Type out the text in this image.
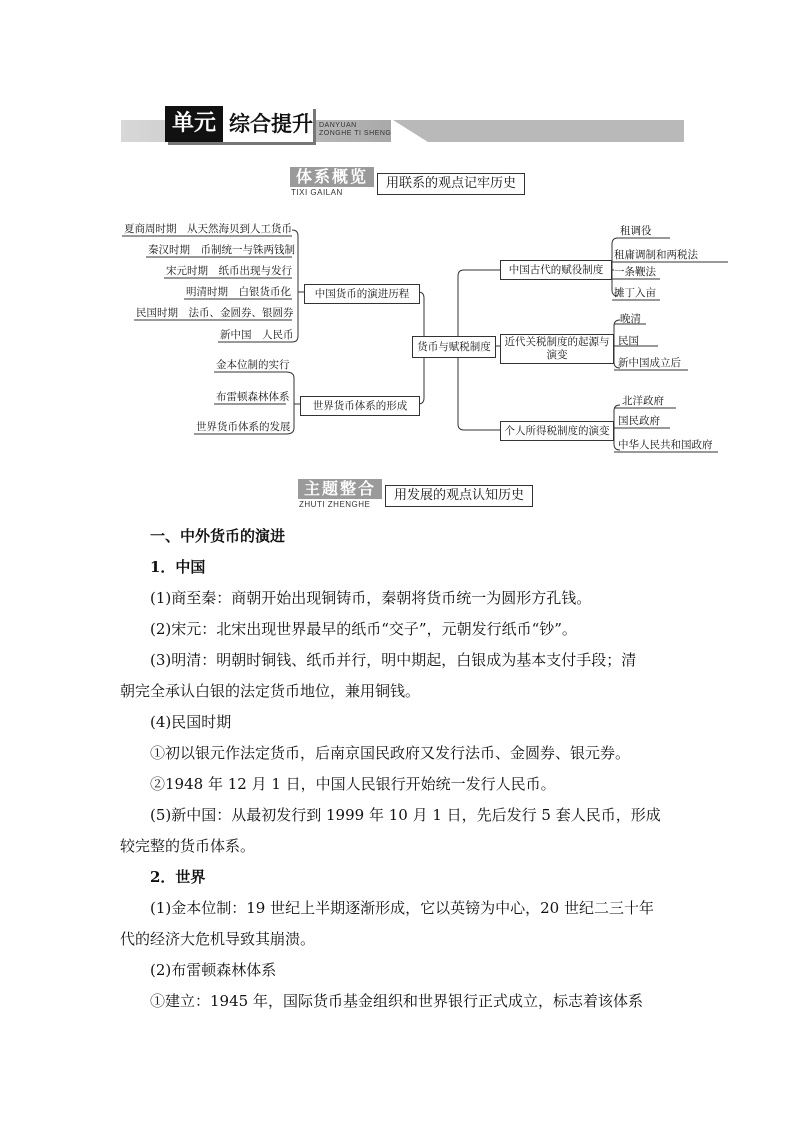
单元 综合提升 DANYUAN
ZONGHE TI SHENG
体系概览
TIXI GAILAN
用联系的观点记牢历史
夏商周时期　从天然海贝到人工货币
秦汉时期　币制统一与铢两钱制
宋元时期　纸币出现与发行
明清时期　白银货币化
民国时期　法币、金圆券、银圆券
新中国　人民币
中国货币的演进历程
金本位制的实行
布雷顿森林体系
世界货币体系的发展
世界货币体系的形成
货币与赋税制度
中国古代的赋役制度
租调役
租庸调制和两税法
一条鞭法
摊丁入亩
近代关税制度的起源与演变
晚清
民国
新中国成立后
个人所得税制度的演变
北洋政府
国民政府
中华人民共和国政府
主题整合
ZHUTI ZHENGHE
用发展的观点认知历史
一、中外货币的演进
1．中国
(1)商至秦：商朝开始出现铜铸币，秦朝将货币统一为圆形方孔钱。
(2)宋元：北宋出现世界最早的纸币“交子”，元朝发行纸币“钞”。
(3)明清：明朝时铜钱、纸币并行，明中期起，白银成为基本支付手段；清
朝完全承认白银的法定货币地位，兼用铜钱。
(4)民国时期
①初以银元作法定货币，后南京国民政府又发行法币、金圆券、银元券。
②1948 年 12 月 1 日，中国人民银行开始统一发行人民币。
(5)新中国：从最初发行到 1999 年 10 月 1 日，先后发行 5 套人民币，形成
较完整的货币体系。
2．世界
(1)金本位制：19 世纪上半期逐渐形成，它以英镑为中心，20 世纪二三十年
代的经济大危机导致其崩溃。
(2)布雷顿森林体系
①建立：1945 年，国际货币基金组织和世界银行正式成立，标志着该体系
